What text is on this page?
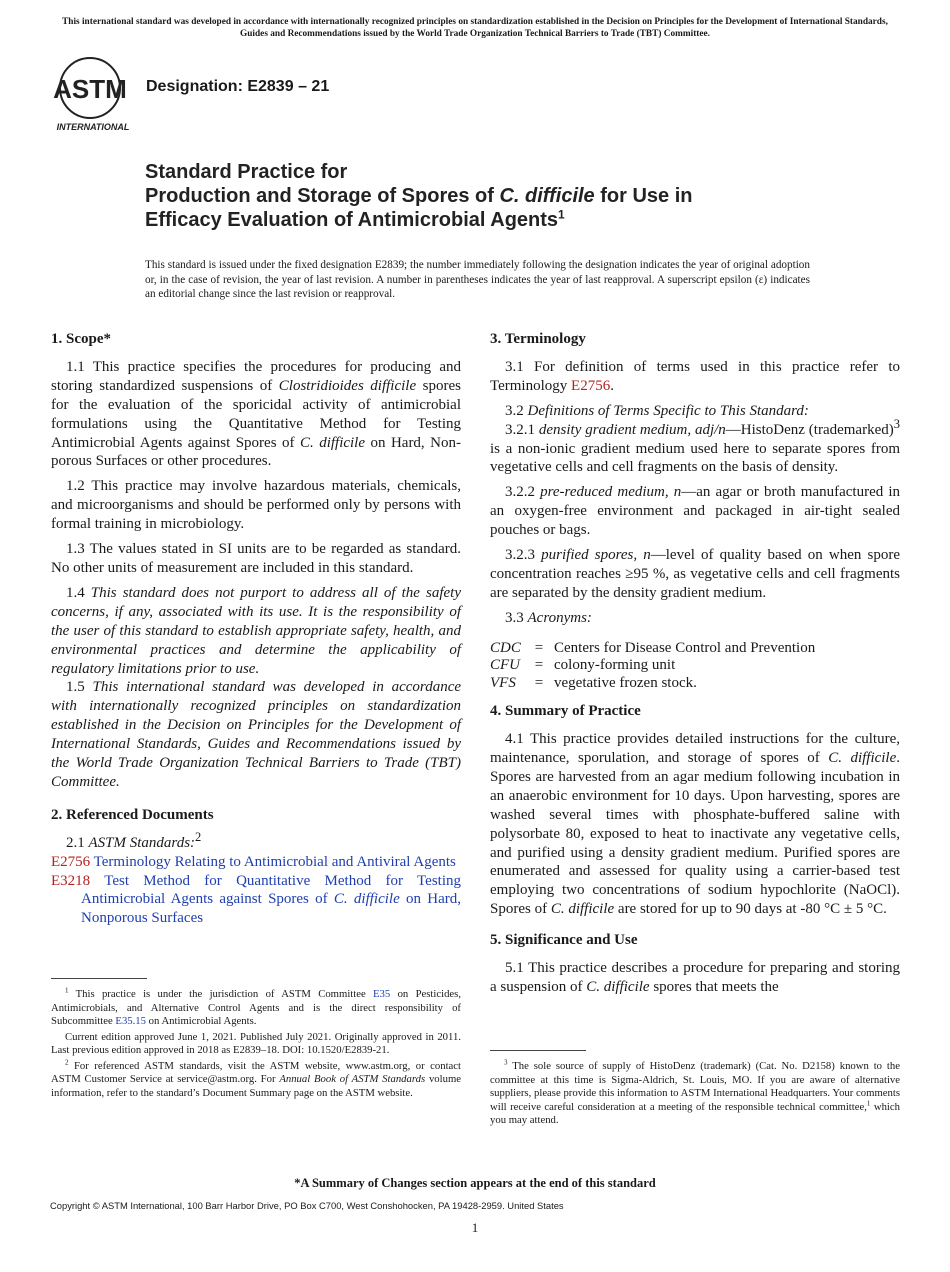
This international standard was developed in accordance with internationally recognized principles on standardization established in the Decision on Principles for the Development of International Standards, Guides and Recommendations issued by the World Trade Organization Technical Barriers to Trade (TBT) Committee.
ASTM
INTERNATIONAL
Designation: E2839 – 21
Standard Practice for
Production and Storage of Spores of C. difficile for Use in
Efficacy Evaluation of Antimicrobial Agents$^1$
This standard is issued under the fixed designation E2839; the number immediately following the designation indicates the year of original adoption or, in the case of revision, the year of last revision. A number in parentheses indicates the year of last reapproval. A superscript epsilon (ε) indicates an editorial change since the last revision or reapproval.
1. Scope*

1.1 This practice specifies the procedures for producing and storing standardized suspensions of Clostridioides difficile spores for the evaluation of the sporicidal activity of antimicrobial formulations using the Quantitative Method for Testing Antimicrobial Agents against Spores of C. difficile on Hard, Non-porous Surfaces or other procedures.

1.2 This practice may involve hazardous materials, chemicals, and microorganisms and should be performed only by persons with formal training in microbiology.

1.3 The values stated in SI units are to be regarded as standard. No other units of measurement are included in this standard.

1.4 This standard does not purport to address all of the safety concerns, if any, associated with its use. It is the responsibility of the user of this standard to establish appropriate safety, health, and environmental practices and determine the applicability of regulatory limitations prior to use.

1.5 This international standard was developed in accordance with internationally recognized principles on standardization established in the Decision on Principles for the Development of International Standards, Guides and Recommendations issued by the World Trade Organization Technical Barriers to Trade (TBT) Committee.

2. Referenced Documents

2.1 ASTM Standards:$^2$

E2756 Terminology Relating to Antimicrobial and Antiviral Agents
E3218 Test Method for Quantitative Method for Testing Antimicrobial Agents against Spores of C. difficile on Hard, Nonporous Surfaces
3. Terminology

3.1 For definition of terms used in this practice refer to Terminology E2756.

3.2 Definitions of Terms Specific to This Standard:

3.2.1 density gradient medium, adj/n—HistoDenz (trademarked)$^3$ is a non-ionic gradient medium used here to separate spores from vegetative cells and cell fragments on the basis of density.

3.2.2 pre-reduced medium, n—an agar or broth manufactured in an oxygen-free environment and packaged in air-tight sealed pouches or bags.

3.2.3 purified spores, n—level of quality based on when spore concentration reaches ≥95 %, as vegetative cells and cell fragments are separated by the density gradient medium.

3.3 Acronyms:

CDC = Centers for Disease Control and Prevention
CFU = colony-forming unit
VFS	= vegetative frozen stock.
4. Summary of Practice

4.1 This practice provides detailed instructions for the culture, maintenance, sporulation, and storage of spores of C. difficile. Spores are harvested from an agar medium following incubation in an anaerobic environment for 10 days. Upon harvesting, spores are washed several times with phosphate-buffered saline with polysorbate 80, exposed to heat to inactivate any vegetative cells, and purified using a density gradient medium. Purified spores are enumerated and assessed for quality using a carrier-based test employing two concentrations of sodium hypochlorite (NaOCl). Spores of C. difficile are stored for up to 90 days at -80 °C ± 5 °C.

5. Significance and Use

5.1 This practice describes a procedure for preparing and storing a suspension of C. difficile spores that meets the

$^1$ This practice is under the jurisdiction of ASTM Committee E35 on Pesticides, Antimicrobials, and Alternative Control Agents and is the direct responsibility of Subcommittee E35.15 on Antimicrobial Agents.

Current edition approved June 1, 2021. Published July 2021. Originally approved in 2011. Last previous edition approved in 2018 as E2839–18. DOI: 10.1520/E2839-21.

$^2$ For referenced ASTM standards, visit the ASTM website, www.astm.org, or contact ASTM Customer Service at service@astm.org. For Annual Book of ASTM Standards volume information, refer to the standard’s Document Summary page on the ASTM website.

$^3$ The sole source of supply of HistoDenz (trademark) (Cat. No. D2158) known to the committee at this time is Sigma-Aldrich, St. Louis, MO. If you are aware of alternative suppliers, please provide this information to ASTM International Headquarters. Your comments will receive careful consideration at a meeting of the responsible technical committee,$^1$ which you may attend.

*A Summary of Changes section appears at the end of this standard
Copyright © ASTM International, 100 Barr Harbor Drive, PO Box C700, West Conshohocken, PA 19428-2959. United States
1
